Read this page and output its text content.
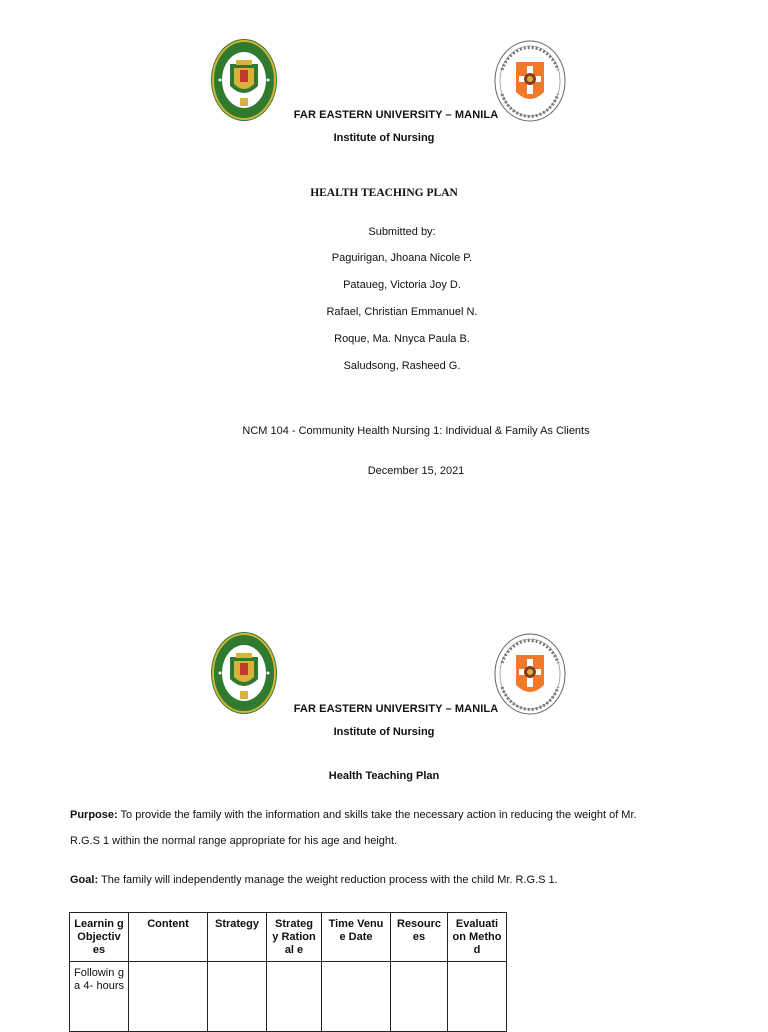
FAR EASTERN UNIVERSITY – MANILA
Institute of Nursing
HEALTH TEACHING PLAN
Submitted by:
Paguirigan, Jhoana Nicole P.
Pataueg, Victoria Joy D.
Rafael, Christian Emmanuel N.
Roque, Ma. Nnyca Paula B.
Saludsong, Rasheed G.
NCM 104 - Community Health Nursing 1: Individual & Family As Clients
December 15, 2021
FAR EASTERN UNIVERSITY – MANILA
Institute of Nursing
Health Teaching Plan
Purpose: To provide the family with the information and skills take the necessary action in reducing the weight of Mr.
R.G.S 1 within the normal range appropriate for his age and height.
Goal: The family will independently manage the weight reduction process with the child Mr. R.G.S 1.
Learnin g Objectiv es	Content	Strategy	Strateg y Rational e	Time Venue Date	Resourc es	Evaluati on Method
Followin g a 4- hours						
